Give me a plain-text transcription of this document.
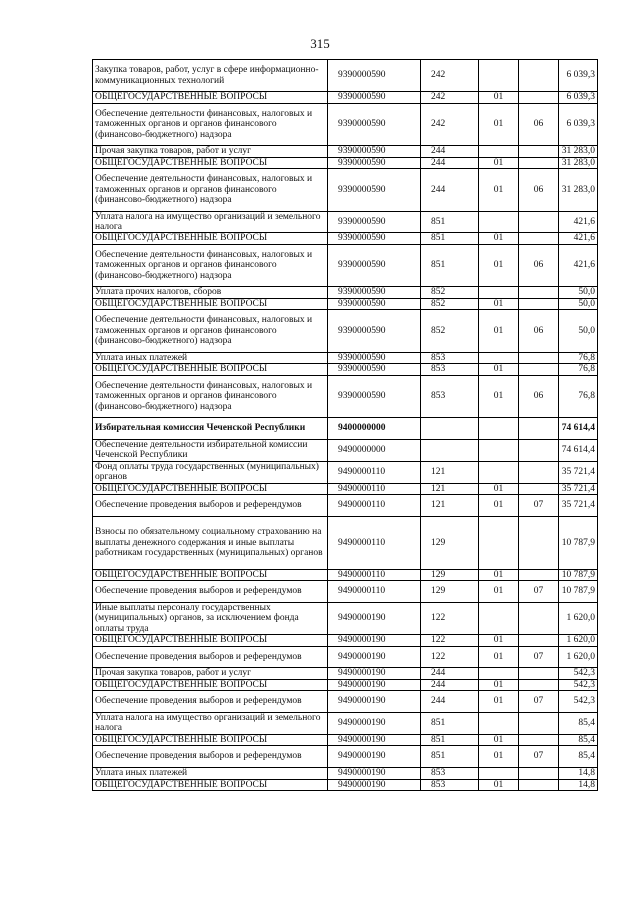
315
Закупка товаров, работ, услуг в сфере информационно-коммуникационных технологий	9390000590	242			6 039,3
ОБЩЕГОСУДАРСТВЕННЫЕ ВОПРОСЫ	9390000590	242	01		6 039,3
Обеспечение деятельности финансовых, налоговых и таможенных органов и органов финансового (финансово-бюджетного) надзора	9390000590	242	01	06	6 039,3
Прочая закупка товаров, работ и услуг	9390000590	244			31 283,0
ОБЩЕГОСУДАРСТВЕННЫЕ ВОПРОСЫ	9390000590	244	01		31 283,0
Обеспечение деятельности финансовых, налоговых и таможенных органов и органов финансового (финансово-бюджетного) надзора	9390000590	244	01	06	31 283,0
Уплата налога на имущество организаций и земельного налога	9390000590	851			421,6
ОБЩЕГОСУДАРСТВЕННЫЕ ВОПРОСЫ	9390000590	851	01		421,6
Обеспечение деятельности финансовых, налоговых и таможенных органов и органов финансового (финансово-бюджетного) надзора	9390000590	851	01	06	421,6
Уплата прочих налогов, сборов	9390000590	852			50,0
ОБЩЕГОСУДАРСТВЕННЫЕ ВОПРОСЫ	9390000590	852	01		50,0
Обеспечение деятельности финансовых, налоговых и таможенных органов и органов финансового (финансово-бюджетного) надзора	9390000590	852	01	06	50,0
Уплата иных платежей	9390000590	853			76,8
ОБЩЕГОСУДАРСТВЕННЫЕ ВОПРОСЫ	9390000590	853	01		76,8
Обеспечение деятельности финансовых, налоговых и таможенных органов и органов финансового (финансово-бюджетного) надзора	9390000590	853	01	06	76,8
Избирательная комиссия Чеченской Республики	9400000000				74 614,4
Обеспечение деятельности избирательной комиссии Чеченской Республики	9490000000				74 614,4
Фонд оплаты труда государственных (муниципальных) органов	9490000110	121			35 721,4
ОБЩЕГОСУДАРСТВЕННЫЕ ВОПРОСЫ	9490000110	121	01		35 721,4
Обеспечение проведения выборов и референдумов	9490000110	121	01	07	35 721,4
Взносы по обязательному социальному страхованию на выплаты денежного содержания и иные выплаты работникам государственных (муниципальных) органов	9490000110	129			10 787,9
ОБЩЕГОСУДАРСТВЕННЫЕ ВОПРОСЫ	9490000110	129	01		10 787,9
Обеспечение проведения выборов и референдумов	9490000110	129	01	07	10 787,9
Иные выплаты персоналу государственных (муниципальных) органов, за исключением фонда оплаты труда	9490000190	122			1 620,0
ОБЩЕГОСУДАРСТВЕННЫЕ ВОПРОСЫ	9490000190	122	01		1 620,0
Обеспечение проведения выборов и референдумов	9490000190	122	01	07	1 620,0
Прочая закупка товаров, работ и услуг	9490000190	244			542,3
ОБЩЕГОСУДАРСТВЕННЫЕ ВОПРОСЫ	9490000190	244	01		542,3
Обеспечение проведения выборов и референдумов	9490000190	244	01	07	542,3
Уплата налога на имущество организаций и земельного налога	9490000190	851			85,4
ОБЩЕГОСУДАРСТВЕННЫЕ ВОПРОСЫ	9490000190	851	01		85,4
Обеспечение проведения выборов и референдумов	9490000190	851	01	07	85,4
Уплата иных платежей	9490000190	853			14,8
ОБЩЕГОСУДАРСТВЕННЫЕ ВОПРОСЫ	9490000190	853	01		14,8
